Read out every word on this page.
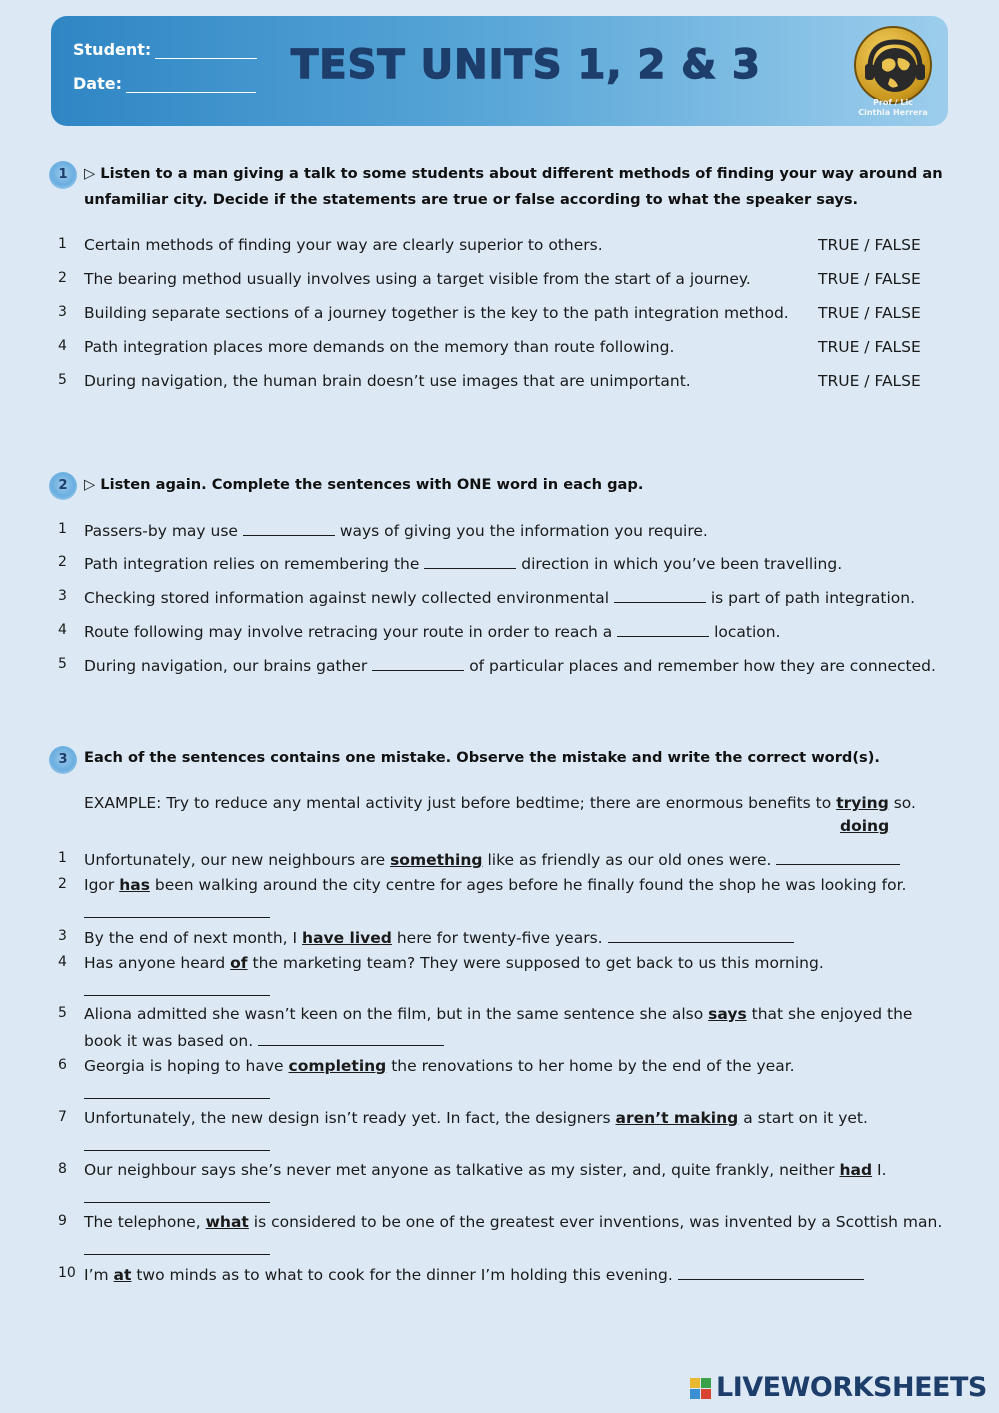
Student:
Date:	TEST UNITS 1, 2 & 3
Prof / Lic
Cinthia Herrera
1	▷ Listen to a man giving a talk to some students about different methods of finding your way around an
unfamiliar city. Decide if the statements are true or false according to what the speaker says.
1	Certain methods of finding your way are clearly superior to others.	TRUE / FALSE
2	The bearing method usually involves using a target visible from the start of a journey.	TRUE / FALSE
3	Building separate sections of a journey together is the key to the path integration method. TRUE / FALSE
4	Path integration places more demands on the memory than route following.	TRUE / FALSE
5	During navigation, the human brain doesn’t use images that are unimportant.	TRUE / FALSE
2	▷ Listen again. Complete the sentences with ONE word in each gap.
1	Passers-by may use	ways of giving you the information you require.
2	Path integration relies on remembering the	direction in which you’ve been travelling.
3	Checking stored information against newly collected environmental	is part of path integration.
4	Route following may involve retracing your route in order to reach a	location.
5	During navigation, our brains gather	of particular places and remember how they are connected.
3	Each of the sentences contains one mistake. Observe the mistake and write the correct word(s).
EXAMPLE: Try to reduce any mental activity just before bedtime; there are enormous benefits to trying so.
doing
1	Unfortunately, our new neighbours are something like as friendly as our old ones were.
2	Igor has been walking around the city centre for ages before he finally found the shop he was looking for.
3	By the end of next month, I have lived here for twenty-five years.
4	Has anyone heard of the marketing team? They were supposed to get back to us this morning.
5	Aliona admitted she wasn’t keen on the film, but in the same sentence she also says that she enjoyed the
book it was based on.
6	Georgia is hoping to have completing the renovations to her home by the end of the year.
7	Unfortunately, the new design isn’t ready yet. In fact, the designers aren’t making a start on it yet.
8	Our neighbour says she’s never met anyone as talkative as my sister, and, quite frankly, neither had I.
9	The telephone, what is considered to be one of the greatest ever inventions, was invented by a Scottish man.
10 I’m at two minds as to what to cook for the dinner I’m holding this evening.
LIVEWORKSHEETS
